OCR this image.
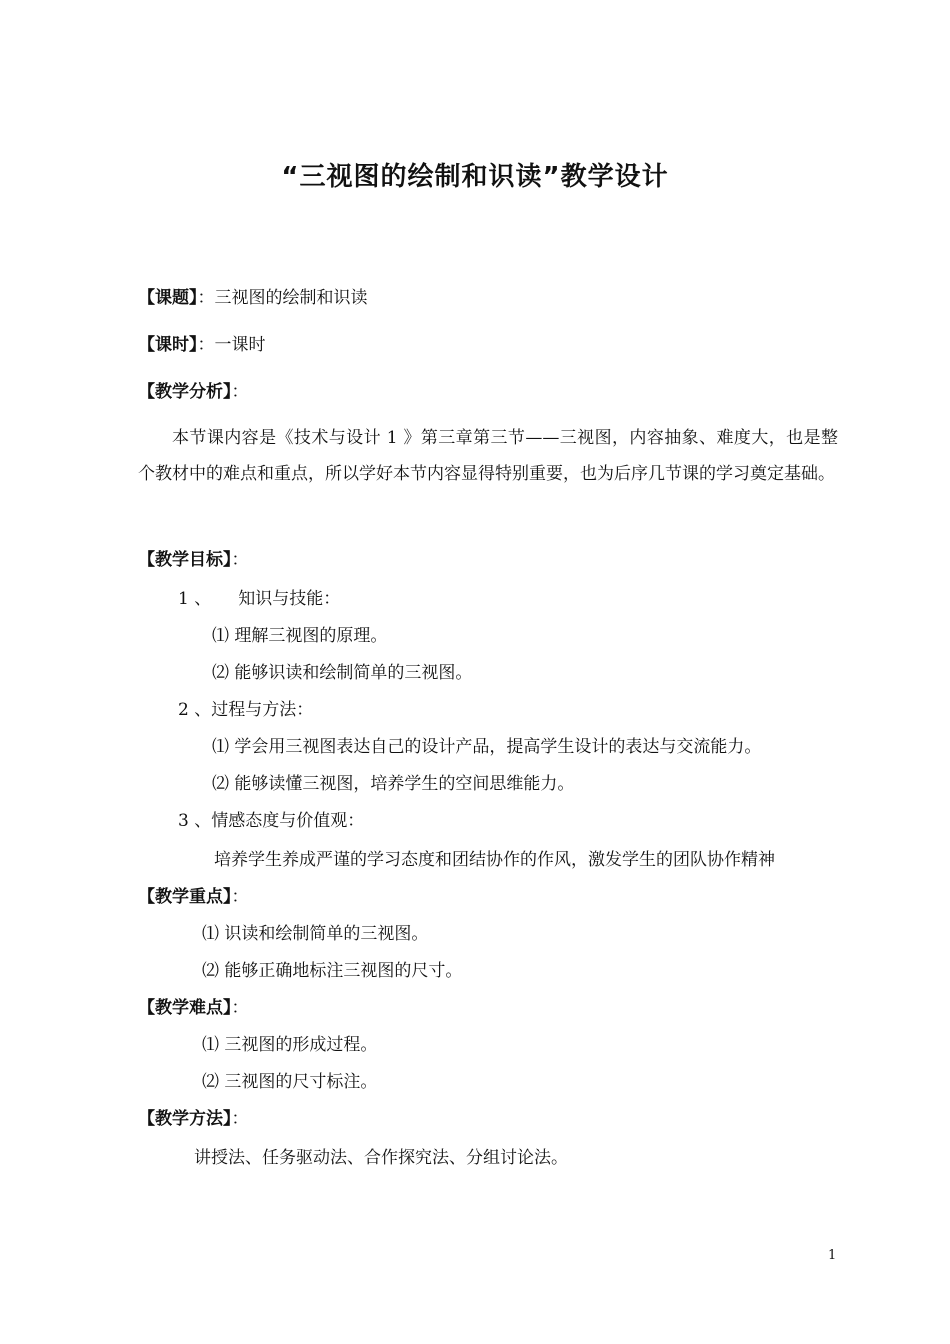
“三视图的绘制和识读”教学设计
【课题】：三视图的绘制和识读
【课时】：一课时
【教学分析】：
本节课内容是《技术与设计 1 》第三章第三节——三视图，内容抽象、难度大，也是整个教材中的难点和重点，所以学好本节内容显得特别重要，也为后序几节课的学习奠定基础。
【教学目标】：
1 、     知识与技能：
⑴ 理解三视图的原理。
⑵ 能够识读和绘制简单的三视图。
2 、过程与方法：
⑴ 学会用三视图表达自己的设计产品，提高学生设计的表达与交流能力。
⑵ 能够读懂三视图，培养学生的空间思维能力。
3 、情感态度与价值观：
培养学生养成严谨的学习态度和团结协作的作风，激发学生的团队协作精神
【教学重点】：
⑴ 识读和绘制简单的三视图。
⑵ 能够正确地标注三视图的尺寸。
【教学难点】：
⑴ 三视图的形成过程。
⑵ 三视图的尺寸标注。
【教学方法】：
讲授法、任务驱动法、合作探究法、分组讨论法。
1
